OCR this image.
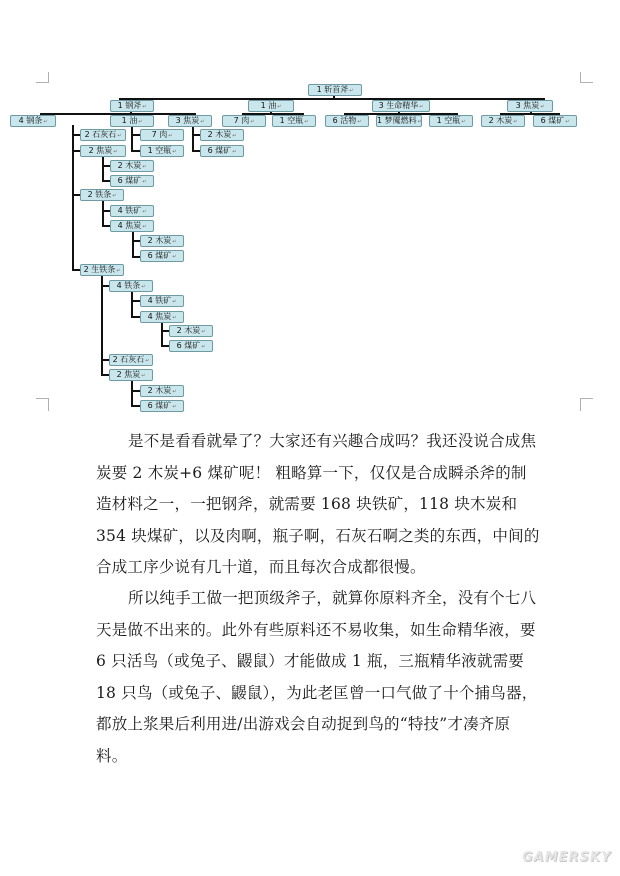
1 斩首斧 ↵
1 钢斧 ↵	1 油 ↵	3 生命精华 ↵	3 焦炭 ↵
4 钢条 ↵	1 油 ↵	3 焦炭 ↵	7 肉 ↵	1 空瓶 ↵	6 活物 ↵	1 梦魇燃料 ↵	1 空瓶 ↵	2 木炭 ↵	6 煤矿 ↵
2 石灰石 ↵	7 肉 ↵	2 木炭 ↵
2 焦炭 ↵	1 空瓶 ↵	6 煤矿 ↵
2 木炭 ↵
6 煤矿 ↵
2 铁条 ↵
4 铁矿 ↵
4 焦炭 ↵
2 木炭 ↵
6 煤矿 ↵
2 生铁条 ↵
4 铁条 ↵
4 铁矿 ↵
4 焦炭 ↵
2 木炭 ↵
6 煤矿 ↵
2 石灰石 ↵
2 焦炭 ↵
2 木炭 ↵
6 煤矿 ↵

是不是看看就晕了？大家还有兴趣合成吗？我还没说合成焦炭要 2 木炭+6 煤矿呢！ 粗略算一下，仅仅是合成瞬杀斧的制造材料之一，一把钢斧，就需要 168 块铁矿，118 块木炭和 354 块煤矿，以及肉啊，瓶子啊，石灰石啊之类的东西，中间的合成工序少说有几十道，而且每次合成都很慢。

所以纯手工做一把顶级斧子，就算你原料齐全，没有个七八天是做不出来的。此外有些原料还不易收集，如生命精华液，要 6 只活鸟（或兔子、鼹鼠）才能做成 1 瓶，三瓶精华液就需要 18 只鸟（或兔子、鼹鼠），为此老匡曾一口气做了十个捕鸟器，都放上浆果后利用进/出游戏会自动捉到鸟的“特技”才凑齐原料。

GAMERSKY
